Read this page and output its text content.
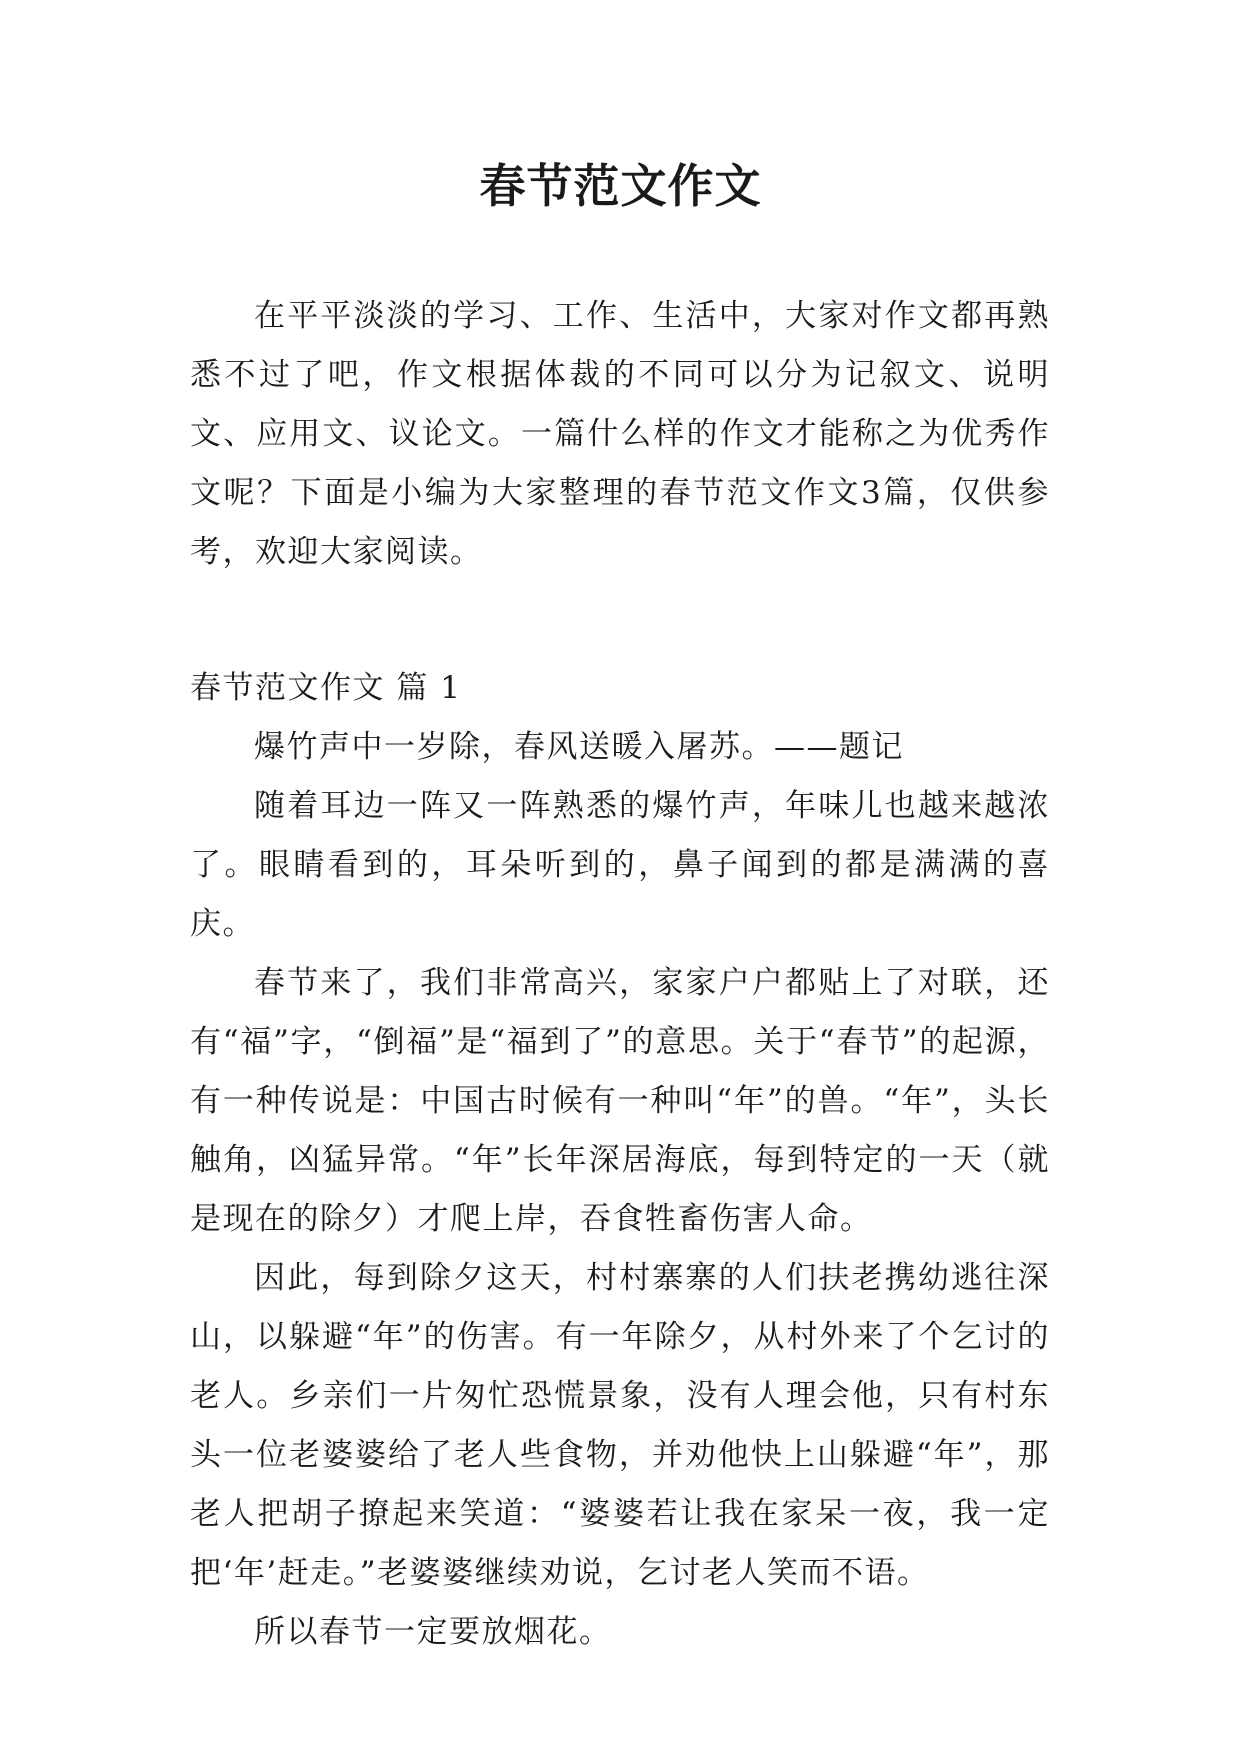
春节范文作文

在平平淡淡的学习、工作、生活中，大家对作文都再熟悉不过了吧，作文根据体裁的不同可以分为记叙文、说明文、应用文、议论文。一篇什么样的作文才能称之为优秀作文呢？下面是小编为大家整理的春节范文作文3篇，仅供参考，欢迎大家阅读。

春节范文作文 篇 1

爆竹声中一岁除，春风送暖入屠苏。——题记

随着耳边一阵又一阵熟悉的爆竹声，年味儿也越来越浓了。眼睛看到的，耳朵听到的，鼻子闻到的都是满满的喜庆。

春节来了，我们非常高兴，家家户户都贴上了对联，还有“福”字，“倒福”是“福到了”的意思。关于“春节”的起源，有一种传说是：中国古时候有一种叫“年”的兽。“年”，头长触角，凶猛异常。“年”长年深居海底，每到特定的一天（就是现在的除夕）才爬上岸，吞食牲畜伤害人命。

因此，每到除夕这天，村村寨寨的人们扶老携幼逃往深山，以躲避“年”的伤害。有一年除夕，从村外来了个乞讨的老人。乡亲们一片匆忙恐慌景象，没有人理会他，只有村东头一位老婆婆给了老人些食物，并劝他快上山躲避“年”，那老人把胡子撩起来笑道：“婆婆若让我在家呆一夜，我一定把‘年’赶走。”老婆婆继续劝说，乞讨老人笑而不语。

所以春节一定要放烟花。
